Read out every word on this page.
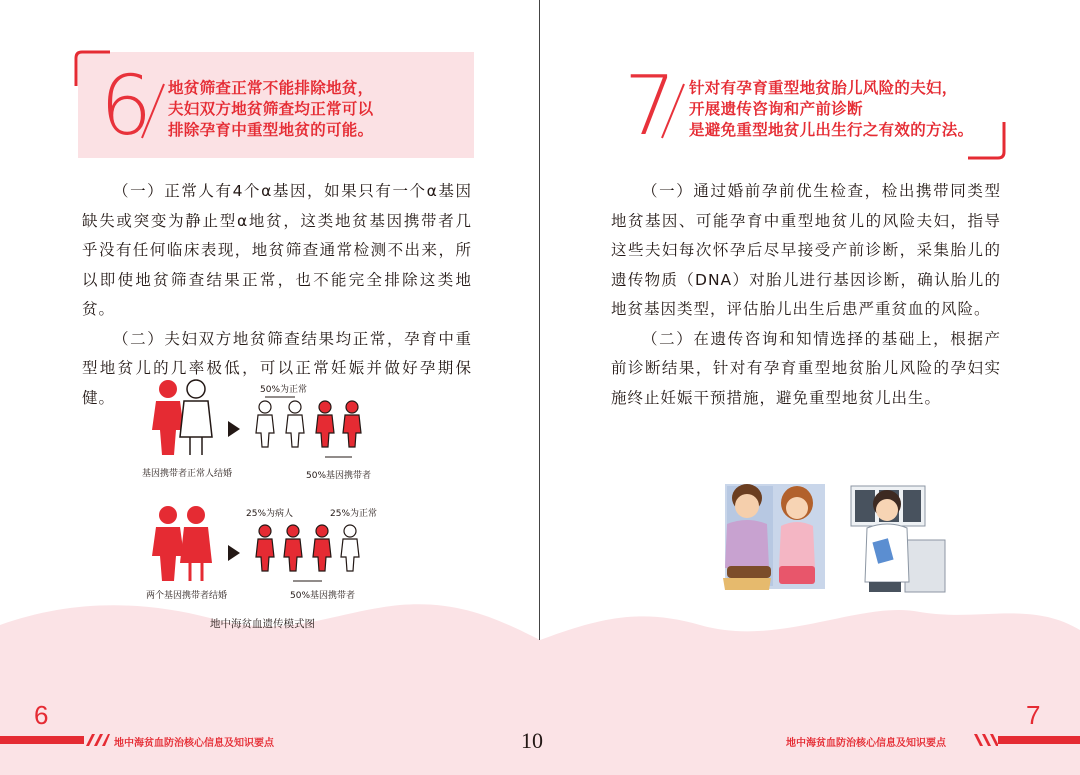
6 地贫筛查正常不能排除地贫，
夫妇双方地贫筛查均正常可以
排除孕育中重型地贫的可能。

（一）正常人有4个α基因，如果只有一个α基因缺失或突变为静止型α地贫，这类地贫基因携带者几乎没有任何临床表现，地贫筛查通常检测不出来，所以即使地贫筛查结果正常，也不能完全排除这类地贫。

（二）夫妇双方地贫筛查结果均正常，孕育中重型地贫儿的几率极低，可以正常妊娠并做好孕期保健。	50%为正常
基因携带者正常人结婚	50%基因携带者
25%为病人	25%为正常
两个基因携带者结婚	50%基因携带者
地中海贫血遗传模式图
6
地中海贫血防治核心信息及知识要点
7 针对有孕育重型地贫胎儿风险的夫妇，
开展遗传咨询和产前诊断
是避免重型地贫儿出生行之有效的方法。

（一）通过婚前孕前优生检查，检出携带同类型地贫基因、可能孕育中重型地贫儿的风险夫妇，指导这些夫妇每次怀孕后尽早接受产前诊断，采集胎儿的遗传物质（DNA）对胎儿进行基因诊断，确认胎儿的地贫基因类型，评估胎儿出生后患严重贫血的风险。

（二）在遗传咨询和知情选择的基础上，根据产前诊断结果，针对有孕育重型地贫胎儿风险的孕妇实施终止妊娠干预措施，避免重型地贫儿出生。

7
地中海贫血防治核心信息及知识要点
10
